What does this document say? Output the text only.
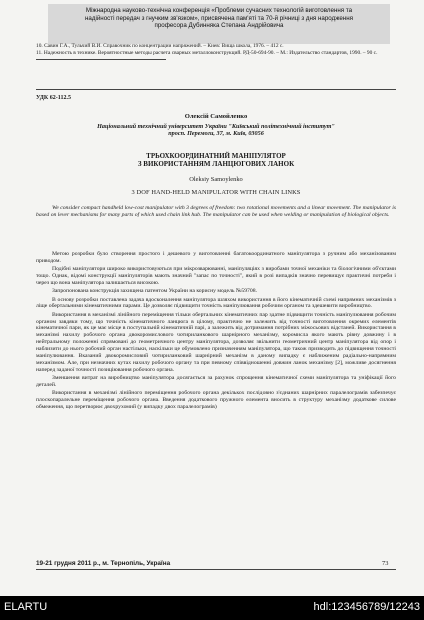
Міжнародна науково-технічна конференція «Проблеми сучасних технологій виготовлення та
надійності передач з гнучким зв'язком», присвячена пам'яті та 70-й річниці з дня народження
професора Дубинняка Степана Андрійовича
10. Савин Г.А., Тульчий В.И. Справочник по концентрации напряжений. – Киев: Вища школа, 1976. – 412 с.
11. Надежность в технике. Вероятностные методы расчета сварных металлоконструкций. РД-50-694-90. – М.: Издательство стандартов, 1990. – 90 с.
УДК 62-112.5
Олексій Самойленко
Національний технічний університет України "Київський політехнічний інститут"
просп. Перемоги, 37, м. Київ, 03056
ТРЬОХКООРДИНАТНИЙ МАНІПУЛЯТОР
З ВИКОРИСТАННЯМ ЛАНЦЮГОВИХ ЛАНОК
Oleksiy Samoylenko
3 DOF HAND-HELD MANIPULATOR WITH CHAIN LINKS

We consider compact handheld low-cost manipulator with 3 degrees of freedom: two rotational movements and a linear movement. The manipulator is based on lever mechanisms for many parts of which used chain link hub. The manipulator can be used when welding or manipulation of biological objects.

Метою розробки було створення простого і дешевого у виготовленні багатокоординатного маніпулятора з ручним або механізованим приводом.

Подібні маніпулятори широко використовуються при мікрозварюванні, маніпуляціях з виробами точної механіки та біологічними об'єктами тощо. Однак, відомі конструкції маніпуляторів мають значний "запас по точності", який в розі випадків значно перевищує практичні потреби і через що вона маніпулятора залишається високою.

Запропонована конструкція захищена патентом України на корисну модель №59708.

В основу розробки поставлена задача вдосконалення маніпулятора шляхом використання в його кінематичній схемі напрямних механізмів з ліще обертальними кінематичними парами. Це дозволяє підвищити точність маніпулювання робочим органом та здешевити виробництво.

Використання в механізмі лінійного переміщення тільки обертальних кінематичних пар здатне підвищити точність маніпулювання робочим органом завдяки тому, що точність кінематичного ланцюга в цілому, практично не залежить від точності виготовлення окремих елементів кінематичної пари, як це має місце в поступальній кінематичній парі, а залежить від дотримання потрібних міжосьових відстаней. Використання в механізмі нахилу робочого органа двокоромислового чотириланкового шарнірного механізму, коромисла якого мають рівну довжину і в нейтральному положенні спрямовані до геометричного центру маніпулятора, дозволяє звільнити геометричний центр маніпулятора від опор і наблизити до нього робочий орган настільки, наскільки це обумовлено призначенням маніпулятора, що також призводить до підвищення точності маніпулювання. Вказаний двокоромисловий чотириланковий шарнірний механізм в даному випадку є наближеним радіально-напрямним механізмом. Але, при незначних кутах нахилу робочого органу та при певному співвідношенні довжин ланок механізму [2], можливе досягнення наперед заданої точності позиціювання робочого органа.

Зменшення витрат на виробництво маніпулятора досягається за рахунок спрощення кінематичної схеми маніпулятора та уніфікації його деталей.

Використання в механізмі лінійного переміщення робочого органа декількох послідовно з'єднаних шарнірних паралелограмів забезпечує плоскопаралельне переміщення робочого органа. Введення додаткового пружного елемента вносить в структуру механізму додаткове силове обмеження, що перетворює двохрухомий (у випадку двох паралелограмів)

19-21 грудня 2011 р., м. Тернопіль, Україна	73
ELARTU	hdl:123456789/12243
